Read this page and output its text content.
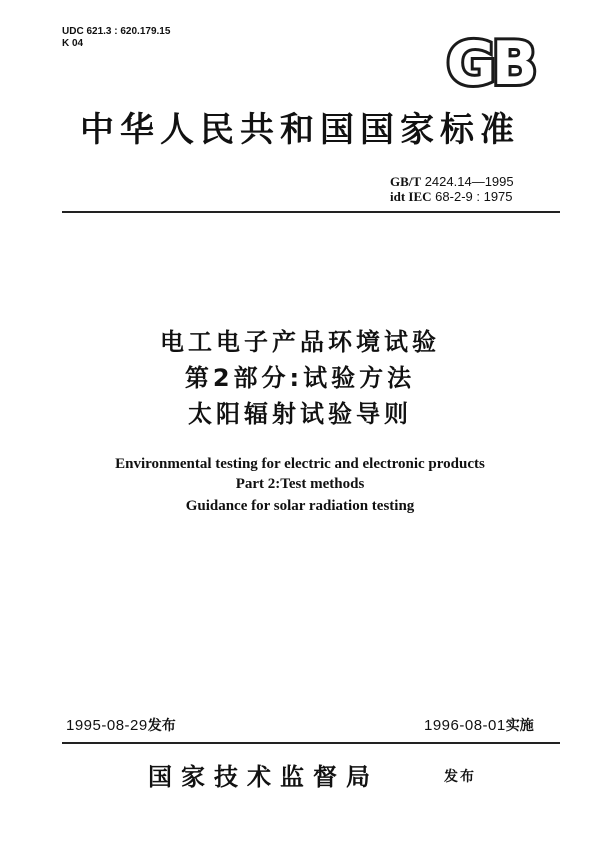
UDC 621.3 : 620.179.15
K 04	GB
中华人民共和国国家标准
GB/T 2424.14—1995
idt IEC 68-2-9 : 1975
电工电子产品环境试验
第2部分:试验方法
太阳辐射试验导则
Environmental testing for electric and electronic products
Part 2:Test methods
Guidance for solar radiation testing
1995-08-29发布	1996-08-01实施
国家技术监督局	发布
